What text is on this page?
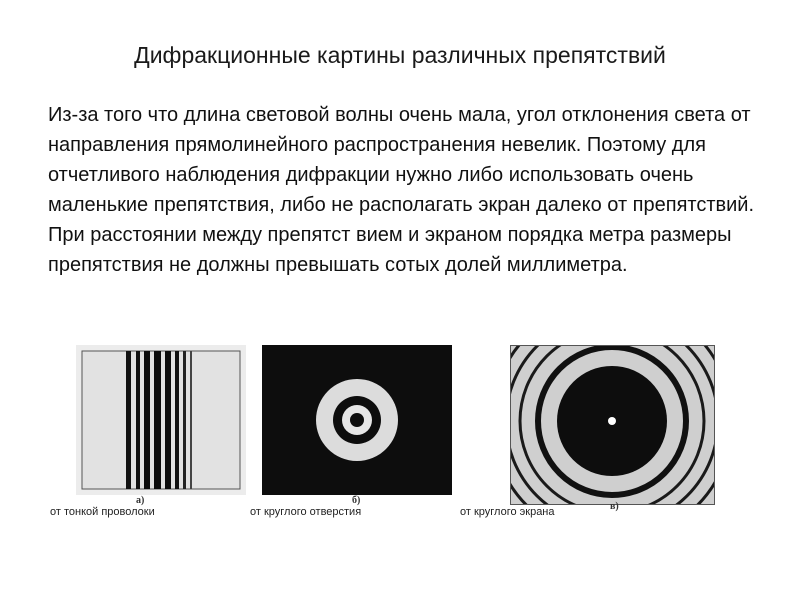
Дифракционные картины различных препятствий
Из-за того что длина световой волны очень мала, угол отклонения света от направления прямолинейного распространения невелик. Поэтому для отчетливого наблюдения дифракции нужно либо использовать очень маленькие препятствия, либо не располагать экран далеко от препятствий. При расстоянии между препятст вием и экраном порядка метра размеры препятствия не должны превышать сотых долей миллиметра.
а)	б)
в)
от тонкой проволоки	от круглого отверстия	от круглого экрана
